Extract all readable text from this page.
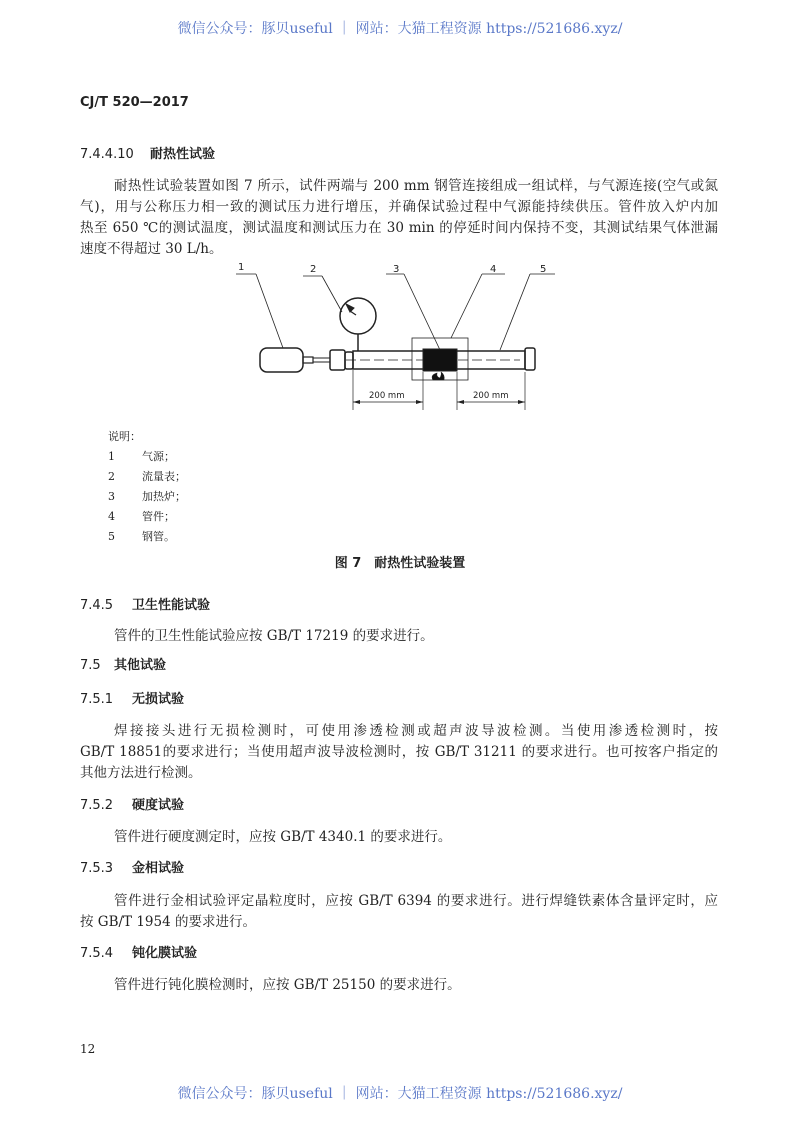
微信公众号：豚贝useful ｜ 网站：大猫工程资源 https://521686.xyz/
CJ/T 520—2017
7.4.4.10 耐热性试验
耐热性试验装置如图 7 所示，试件两端与 200 mm 钢管连接组成一组试样，与气源连接(空气或氮
气)，用与公称压力相一致的测试压力进行增压，并确保试验过程中气源能持续供压。管件放入炉内加
热至 650 ℃的测试温度，测试温度和测试压力在 30 min 的停延时间内保持不变，其测试结果气体泄漏
速度不得超过 30 L/h。
1	2	3	4	5
200 mm	200 mm
说明：
1 气源；
2 流量表；
3 加热炉；
4 管件；
5 钢管。
图 7　耐热性试验装置
7.4.5 卫生性能试验
管件的卫生性能试验应按 GB/T 17219 的要求进行。
7.5 其他试验
7.5.1 无损试验
焊接接头进行无损检测时，可使用渗透检测或超声波导波检测。当使用渗透检测时，按
GB/T 18851的要求进行；当使用超声波导波检测时，按 GB/T 31211 的要求进行。也可按客户指定的
其他方法进行检测。
7.5.2 硬度试验
管件进行硬度测定时，应按 GB/T 4340.1 的要求进行。
7.5.3 金相试验
管件进行金相试验评定晶粒度时，应按 GB/T 6394 的要求进行。进行焊缝铁素体含量评定时，应
按 GB/T 1954 的要求进行。
7.5.4 钝化膜试验
管件进行钝化膜检测时，应按 GB/T 25150 的要求进行。
12
微信公众号：豚贝useful ｜ 网站：大猫工程资源 https://521686.xyz/
